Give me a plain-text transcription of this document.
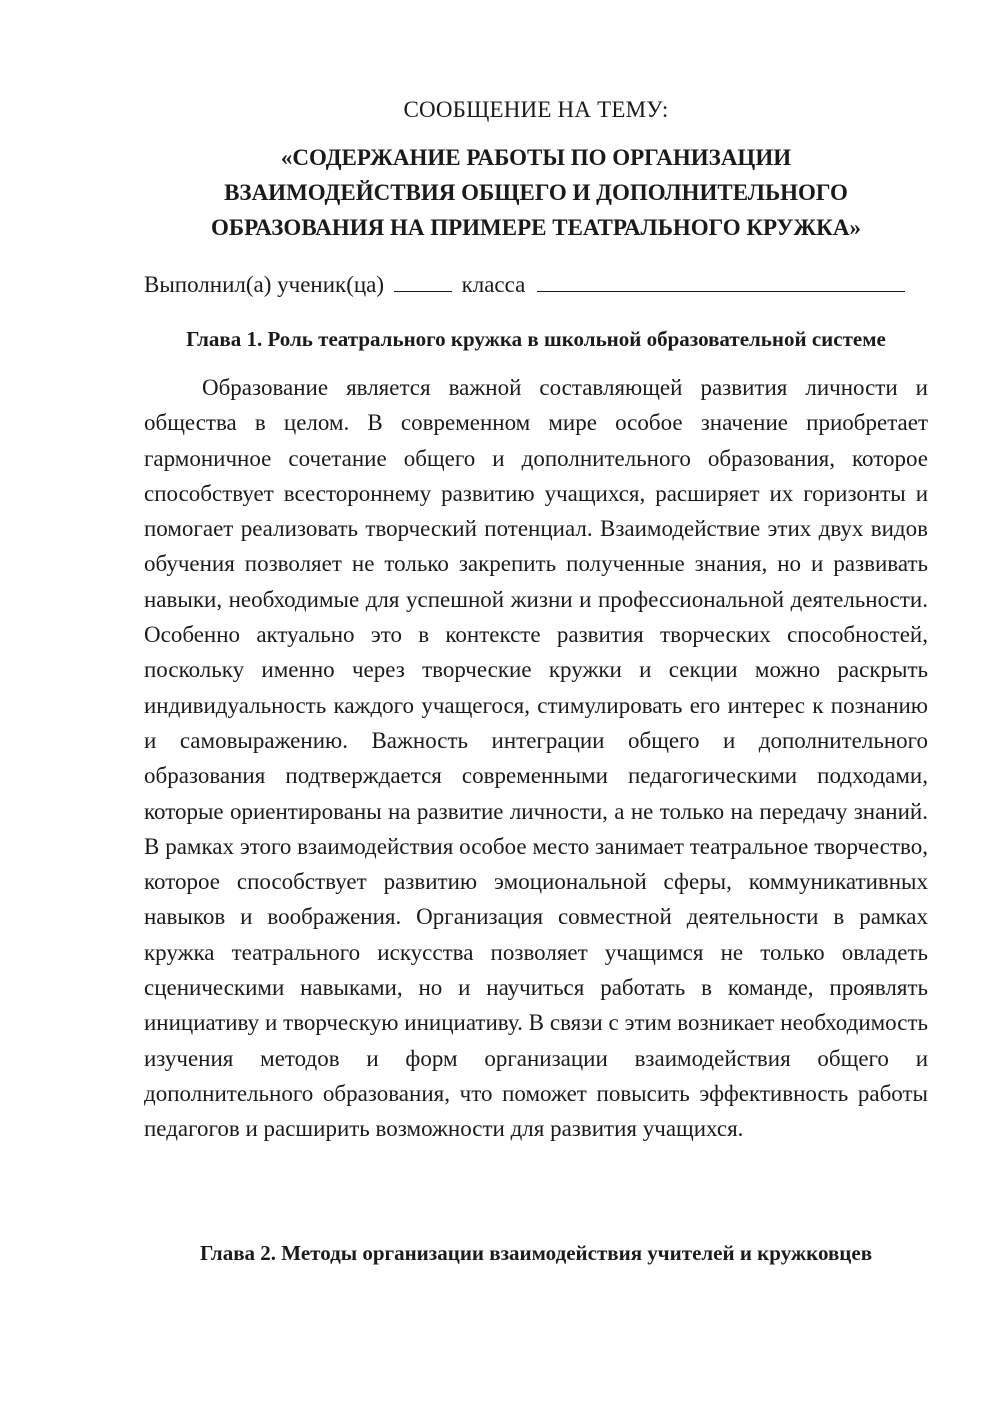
СООБЩЕНИЕ НА ТЕМУ:
«СОДЕРЖАНИЕ РАБОТЫ ПО ОРГАНИЗАЦИИ
ВЗАИМОДЕЙСТВИЯ ОБЩЕГО И ДОПОЛНИТЕЛЬНОГО
ОБРАЗОВАНИЯ НА ПРИМЕРЕ ТЕАТРАЛЬНОГО КРУЖКА»
Выполнил(а) ученик(ца)	класса
Глава 1. Роль театрального кружка в школьной образовательной системе

Образование является важной составляющей развития личности и общества в целом. В современном мире особое значение приобретает гармоничное сочетание общего и дополнительного образования, которое способствует всестороннему развитию учащихся, расширяет их горизонты и помогает реализовать творческий потенциал. Взаимодействие этих двух видов обучения позволяет не только закрепить полученные знания, но и развивать навыки, необходимые для успешной жизни и профессиональной деятельности. Особенно актуально это в контексте развития творческих способностей, поскольку именно через творческие кружки и секции можно раскрыть индивидуальность каждого учащегося, стимулировать его интерес к познанию и самовыражению. Важность интеграции общего и дополнительного образования подтверждается современными педагогическими подходами, которые ориентированы на развитие личности, а не только на передачу знаний. В рамках этого взаимодействия особое место занимает театральное творчество, которое способствует развитию эмоциональной сферы, коммуникативных навыков и воображения. Организация совместной деятельности в рамках кружка театрального искусства позволяет учащимся не только овладеть сценическими навыками, но и научиться работать в команде, проявлять инициативу и творческую инициативу. В связи с этим возникает необходимость изучения методов и форм организации взаимодействия общего и дополнительного образования, что поможет повысить эффективность работы педагогов и расширить возможности для развития учащихся.

Глава 2. Методы организации взаимодействия учителей и кружковцев
